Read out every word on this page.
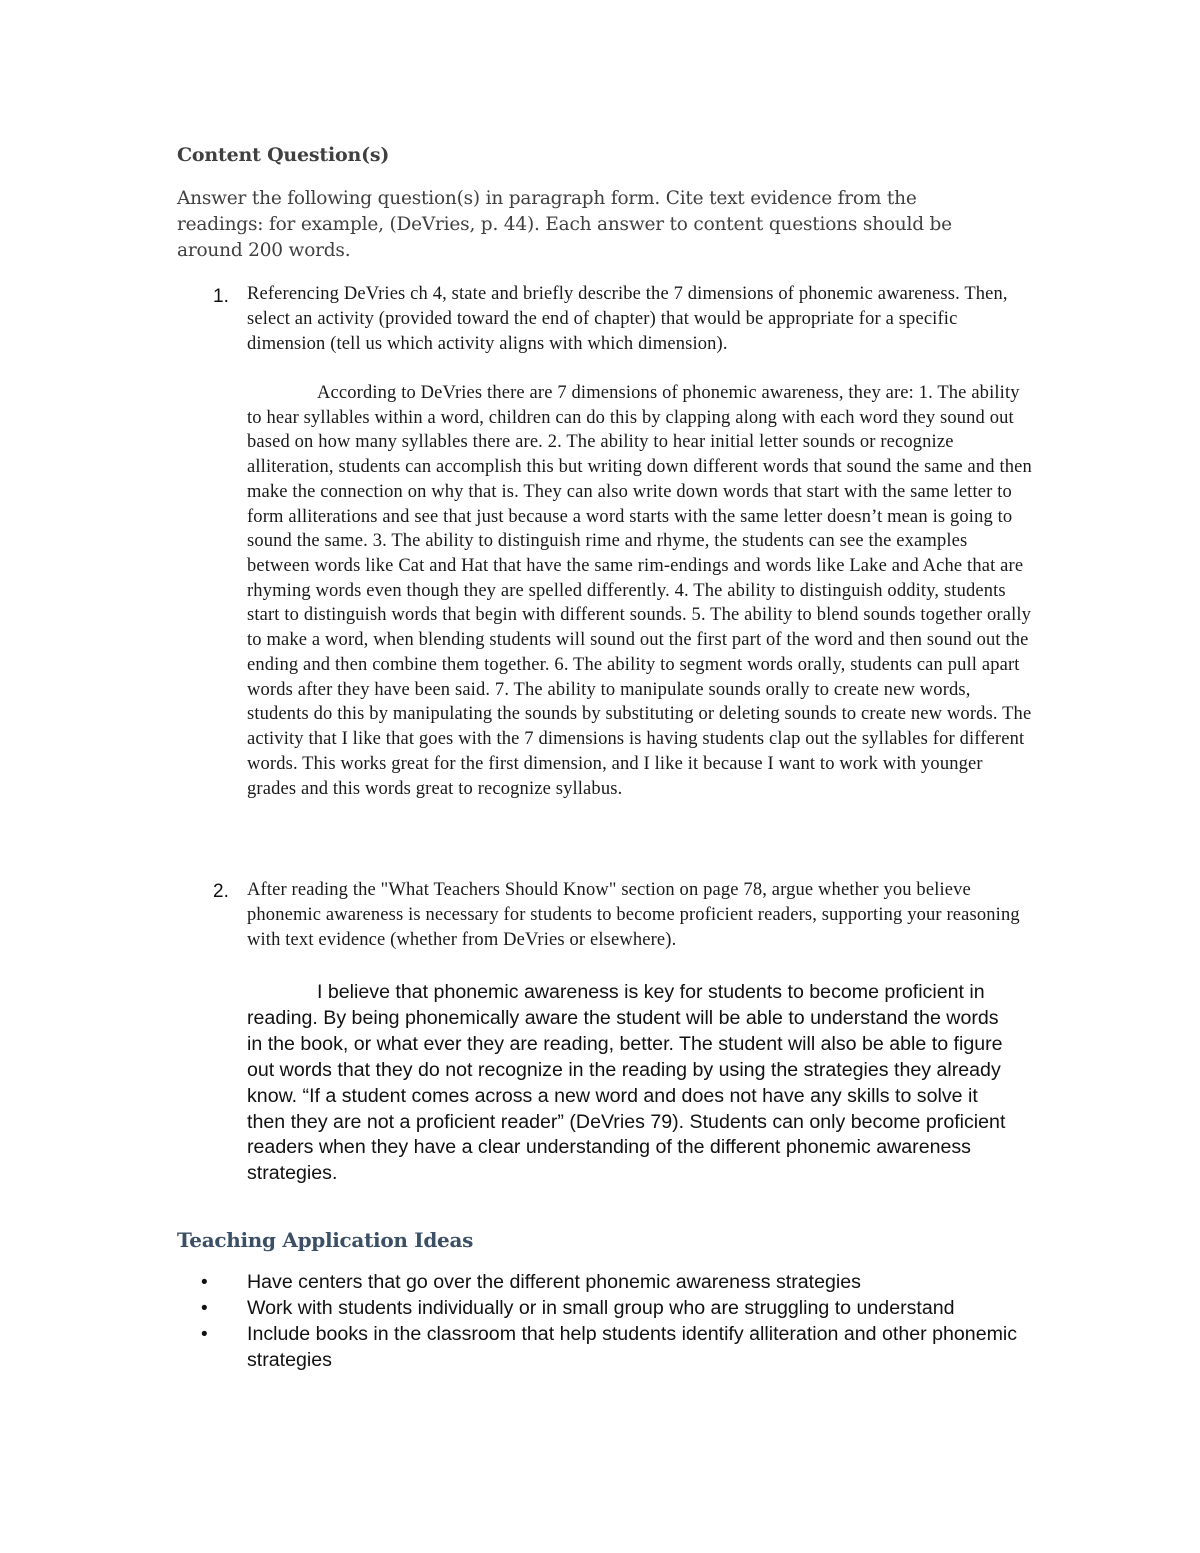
Content Question(s)

Answer the following question(s) in paragraph form. Cite text evidence from the readings: for example, (DeVries, p. 44). Each answer to content questions should be around 200 words.

1. Referencing DeVries ch 4, state and briefly describe the 7 dimensions of phonemic awareness. Then, select an activity (provided toward the end of chapter) that would be appropriate for a specific dimension (tell us which activity aligns with which dimension).

According to DeVries there are 7 dimensions of phonemic awareness, they are: 1. The ability to hear syllables within a word, children can do this by clapping along with each word they sound out based on how many syllables there are. 2. The ability to hear initial letter sounds or recognize alliteration, students can accomplish this but writing down different words that sound the same and then make the connection on why that is. They can also write down words that start with the same letter to form alliterations and see that just because a word starts with the same letter doesn’t mean is going to sound the same. 3. The ability to distinguish rime and rhyme, the students can see the examples between words like Cat and Hat that have the same rim-endings and words like Lake and Ache that are rhyming words even though they are spelled differently. 4. The ability to distinguish oddity, students start to distinguish words that begin with different sounds. 5. The ability to blend sounds together orally to make a word, when blending students will sound out the first part of the word and then sound out the ending and then combine them together. 6. The ability to segment words orally, students can pull apart words after they have been said. 7. The ability to manipulate sounds orally to create new words, students do this by manipulating the sounds by substituting or deleting sounds to create new words. The activity that I like that goes with the 7 dimensions is having students clap out the syllables for different words. This works great for the first dimension, and I like it because I want to work with younger grades and this words great to recognize syllabus.

2. After reading the "What Teachers Should Know" section on page 78, argue whether you believe phonemic awareness is necessary for students to become proficient readers, supporting your reasoning with text evidence (whether from DeVries or elsewhere).

I believe that phonemic awareness is key for students to become proficient in reading. By being phonemically aware the student will be able to understand the words in the book, or what ever they are reading, better. The student will also be able to figure out words that they do not recognize in the reading by using the strategies they already know. “If a student comes across a new word and does not have any skills to solve it then they are not a proficient reader” (DeVries 79). Students can only become proficient readers when they have a clear understanding of the different phonemic awareness strategies.

Teaching Application Ideas
• Have centers that go over the different phonemic awareness strategies
• Work with students individually or in small group who are struggling to understand
• Include books in the classroom that help students identify alliteration and other phonemic strategies
